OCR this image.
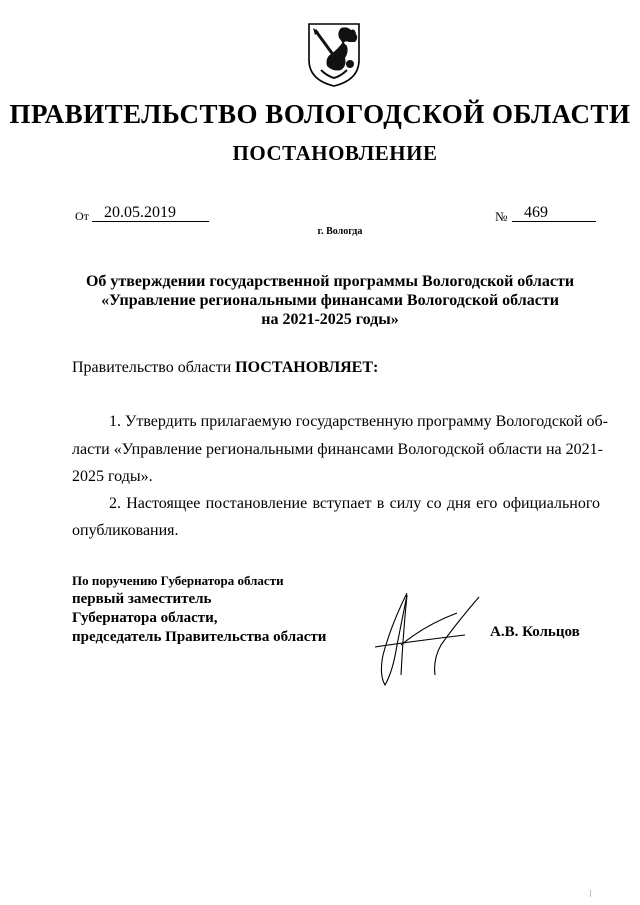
ПРАВИТЕЛЬСТВО ВОЛОГОДСКОЙ ОБЛАСТИ
ПОСТАНОВЛЕНИЕ
От 20.05.2019	№ 469
г. Вологда
Об утверждении государственной программы Вологодской области
«Управление региональными финансами Вологодской области
на 2021-2025 годы»
Правительство области ПОСТАНОВЛЯЕТ:
1. Утвердить прилагаемую государственную программу Вологодской об-
ласти «Управление региональными финансами Вологодской области на 2021-
2025 годы».
2. Настоящее постановление вступает в силу со дня его официального
опубликования.
По поручению Губернатора области
первый заместитель
Губернатора области,
председатель Правительства области	А.В. Кольцов
